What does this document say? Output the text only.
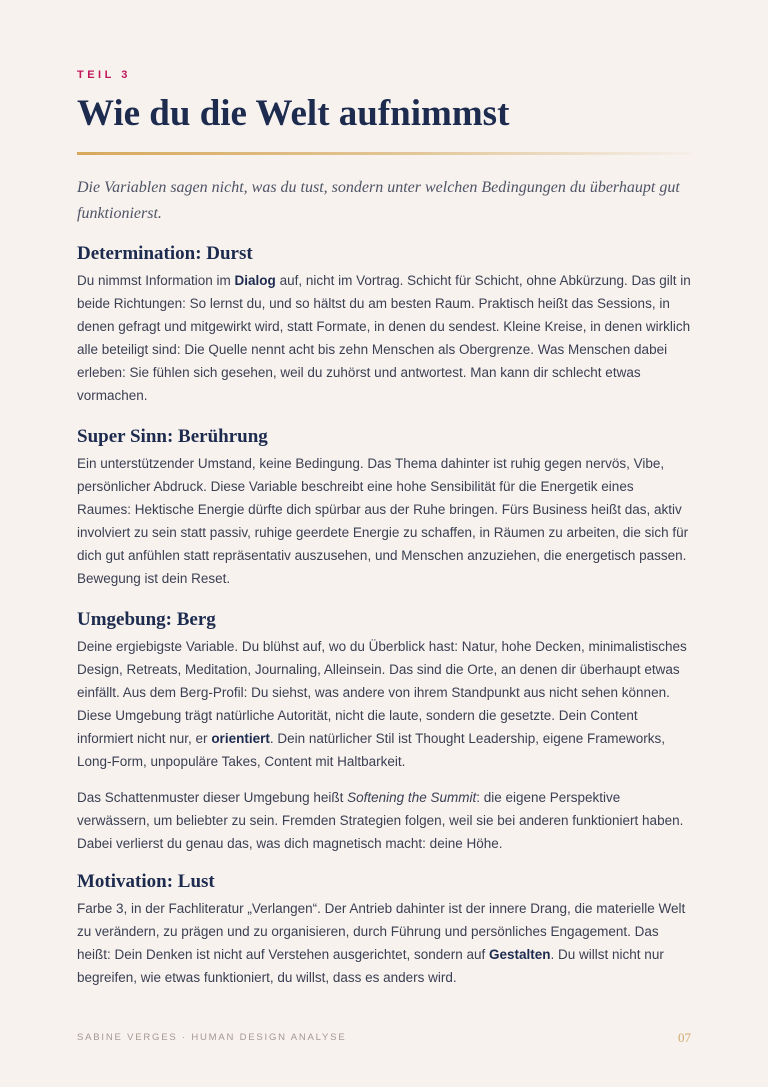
TEIL 3
Wie du die Welt aufnimmst

Die Variablen sagen nicht, was du tust, sondern unter welchen Bedingungen du überhaupt gut funktionierst.

Determination: Durst

Du nimmst Information im Dialog auf, nicht im Vortrag. Schicht für Schicht, ohne Abkürzung. Das gilt in beide Richtungen: So lernst du, und so hältst du am besten Raum. Praktisch heißt das Sessions, in denen gefragt und mitgewirkt wird, statt Formate, in denen du sendest. Kleine Kreise, in denen wirklich alle beteiligt sind: Die Quelle nennt acht bis zehn Menschen als Obergrenze. Was Menschen dabei erleben: Sie fühlen sich gesehen, weil du zuhörst und antwortest. Man kann dir schlecht etwas vormachen.

Super Sinn: Berührung

Ein unterstützender Umstand, keine Bedingung. Das Thema dahinter ist ruhig gegen nervös, Vibe, persönlicher Abdruck. Diese Variable beschreibt eine hohe Sensibilität für die Energetik eines Raumes: Hektische Energie dürfte dich spürbar aus der Ruhe bringen. Fürs Business heißt das, aktiv involviert zu sein statt passiv, ruhige geerdete Energie zu schaffen, in Räumen zu arbeiten, die sich für dich gut anfühlen statt repräsentativ auszusehen, und Menschen anzuziehen, die energetisch passen. Bewegung ist dein Reset.

Umgebung: Berg

Deine ergiebigste Variable. Du blühst auf, wo du Überblick hast: Natur, hohe Decken, minimalistisches Design, Retreats, Meditation, Journaling, Alleinsein. Das sind die Orte, an denen dir überhaupt etwas einfällt. Aus dem Berg-Profil: Du siehst, was andere von ihrem Standpunkt aus nicht sehen können. Diese Umgebung trägt natürliche Autorität, nicht die laute, sondern die gesetzte. Dein Content informiert nicht nur, er orientiert. Dein natürlicher Stil ist Thought Leadership, eigene Frameworks, Long-Form, unpopuläre Takes, Content mit Haltbarkeit.

Das Schattenmuster dieser Umgebung heißt Softening the Summit: die eigene Perspektive verwässern, um beliebter zu sein. Fremden Strategien folgen, weil sie bei anderen funktioniert haben. Dabei verlierst du genau das, was dich magnetisch macht: deine Höhe.

Motivation: Lust

Farbe 3, in der Fachliteratur „Verlangen“. Der Antrieb dahinter ist der innere Drang, die materielle Welt zu verändern, zu prägen und zu organisieren, durch Führung und persönliches Engagement. Das heißt: Dein Denken ist nicht auf Verstehen ausgerichtet, sondern auf Gestalten. Du willst nicht nur begreifen, wie etwas funktioniert, du willst, dass es anders wird.

SABINE VERGES · HUMAN DESIGN ANALYSE	07
